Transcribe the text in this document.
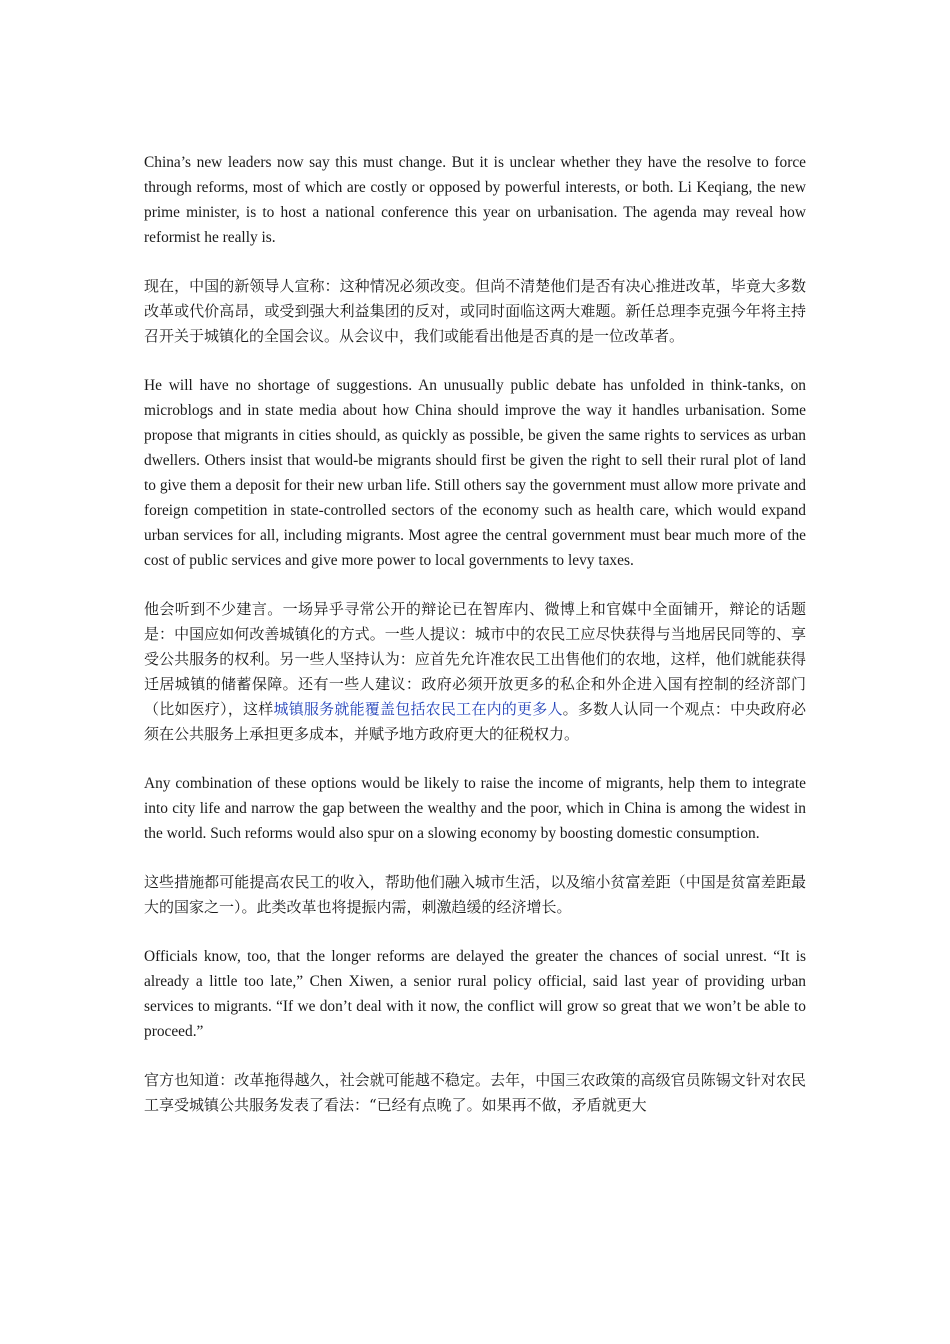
China’s new leaders now say this must change. But it is unclear whether they have the resolve to force through reforms, most of which are costly or opposed by powerful interests, or both. Li Keqiang, the new prime minister, is to host a national conference this year on urbanisation. The agenda may reveal how reformist he really is.

现在，中国的新领导人宣称：这种情况必须改变。但尚不清楚他们是否有决心推进改革，毕竟大多数改革或代价高昂，或受到强大利益集团的反对，或同时面临这两大难题。新任总理李克强今年将主持召开关于城镇化的全国会议。从会议中，我们或能看出他是否真的是一位改革者。

He will have no shortage of suggestions. An unusually public debate has unfolded in think-tanks, on microblogs and in state media about how China should improve the way it handles urbanisation. Some propose that migrants in cities should, as quickly as possible, be given the same rights to services as urban dwellers. Others insist that would-be migrants should first be given the right to sell their rural plot of land to give them a deposit for their new urban life. Still others say the government must allow more private and foreign competition in state-controlled sectors of the economy such as health care, which would expand urban services for all, including migrants. Most agree the central government must bear much more of the cost of public services and give more power to local governments to levy taxes.

他会听到不少建言。一场异乎寻常公开的辩论已在智库内、微博上和官媒中全面铺开，辩论的话题是：中国应如何改善城镇化的方式。一些人提议：城市中的农民工应尽快获得与当地居民同等的、享受公共服务的权利。另一些人坚持认为：应首先允许准农民工出售他们的农地，这样，他们就能获得迁居城镇的储蓄保障。还有一些人建议：政府必须开放更多的私企和外企进入国有控制的经济部门（比如医疗），这样城镇服务就能覆盖包括农民工在内的更多人。多数人认同一个观点：中央政府必须在公共服务上承担更多成本，并赋予地方政府更大的征税权力。

Any combination of these options would be likely to raise the income of migrants, help them to integrate into city life and narrow the gap between the wealthy and the poor, which in China is among the widest in the world. Such reforms would also spur on a slowing economy by boosting domestic consumption.

这些措施都可能提高农民工的收入，帮助他们融入城市生活，以及缩小贫富差距（中国是贫富差距最大的国家之一）。此类改革也将提振内需，刺激趋缓的经济增长。

Officials know, too, that the longer reforms are delayed the greater the chances of social unrest. “It is already a little too late,” Chen Xiwen, a senior rural policy official, said last year of providing urban services to migrants. “If we don’t deal with it now, the conflict will grow so great that we won’t be able to proceed.”

官方也知道：改革拖得越久，社会就可能越不稳定。去年，中国三农政策的高级官员陈锡文针对农民工享受城镇公共服务发表了看法：“已经有点晚了。如果再不做，矛盾就更大
